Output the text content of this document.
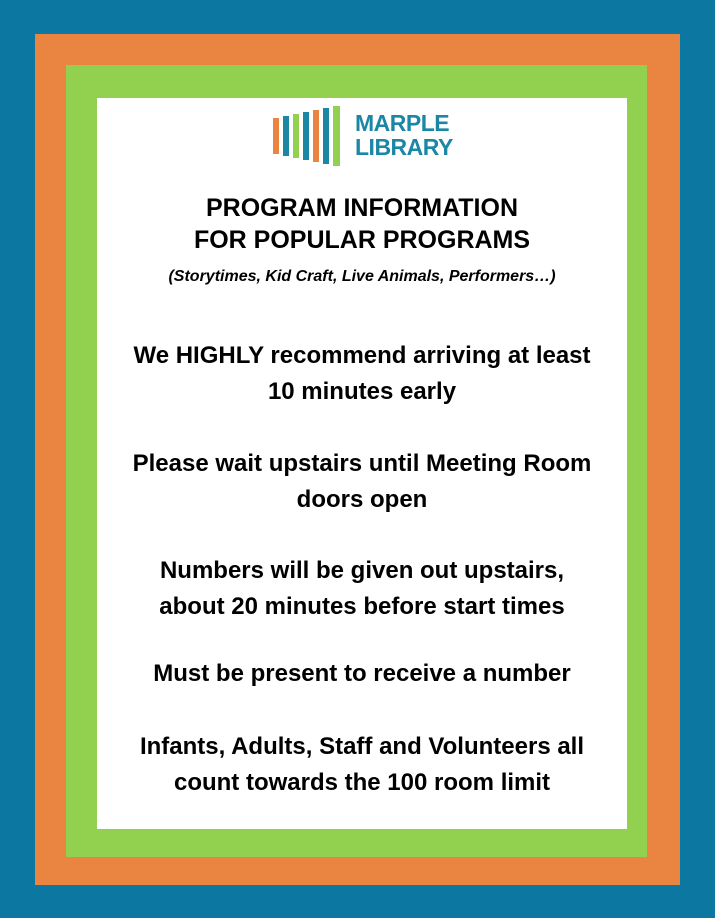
MARPLE
LIBRARY
PROGRAM INFORMATION
FOR POPULAR PROGRAMS
(Storytimes, Kid Craft, Live Animals, Performers…)
We HIGHLY recommend arriving at least
10 minutes early
Please wait upstairs until Meeting Room
doors open
Numbers will be given out upstairs,
about 20 minutes before start times
Must be present to receive a number
Infants, Adults, Staff and Volunteers all
count towards the 100 room limit
